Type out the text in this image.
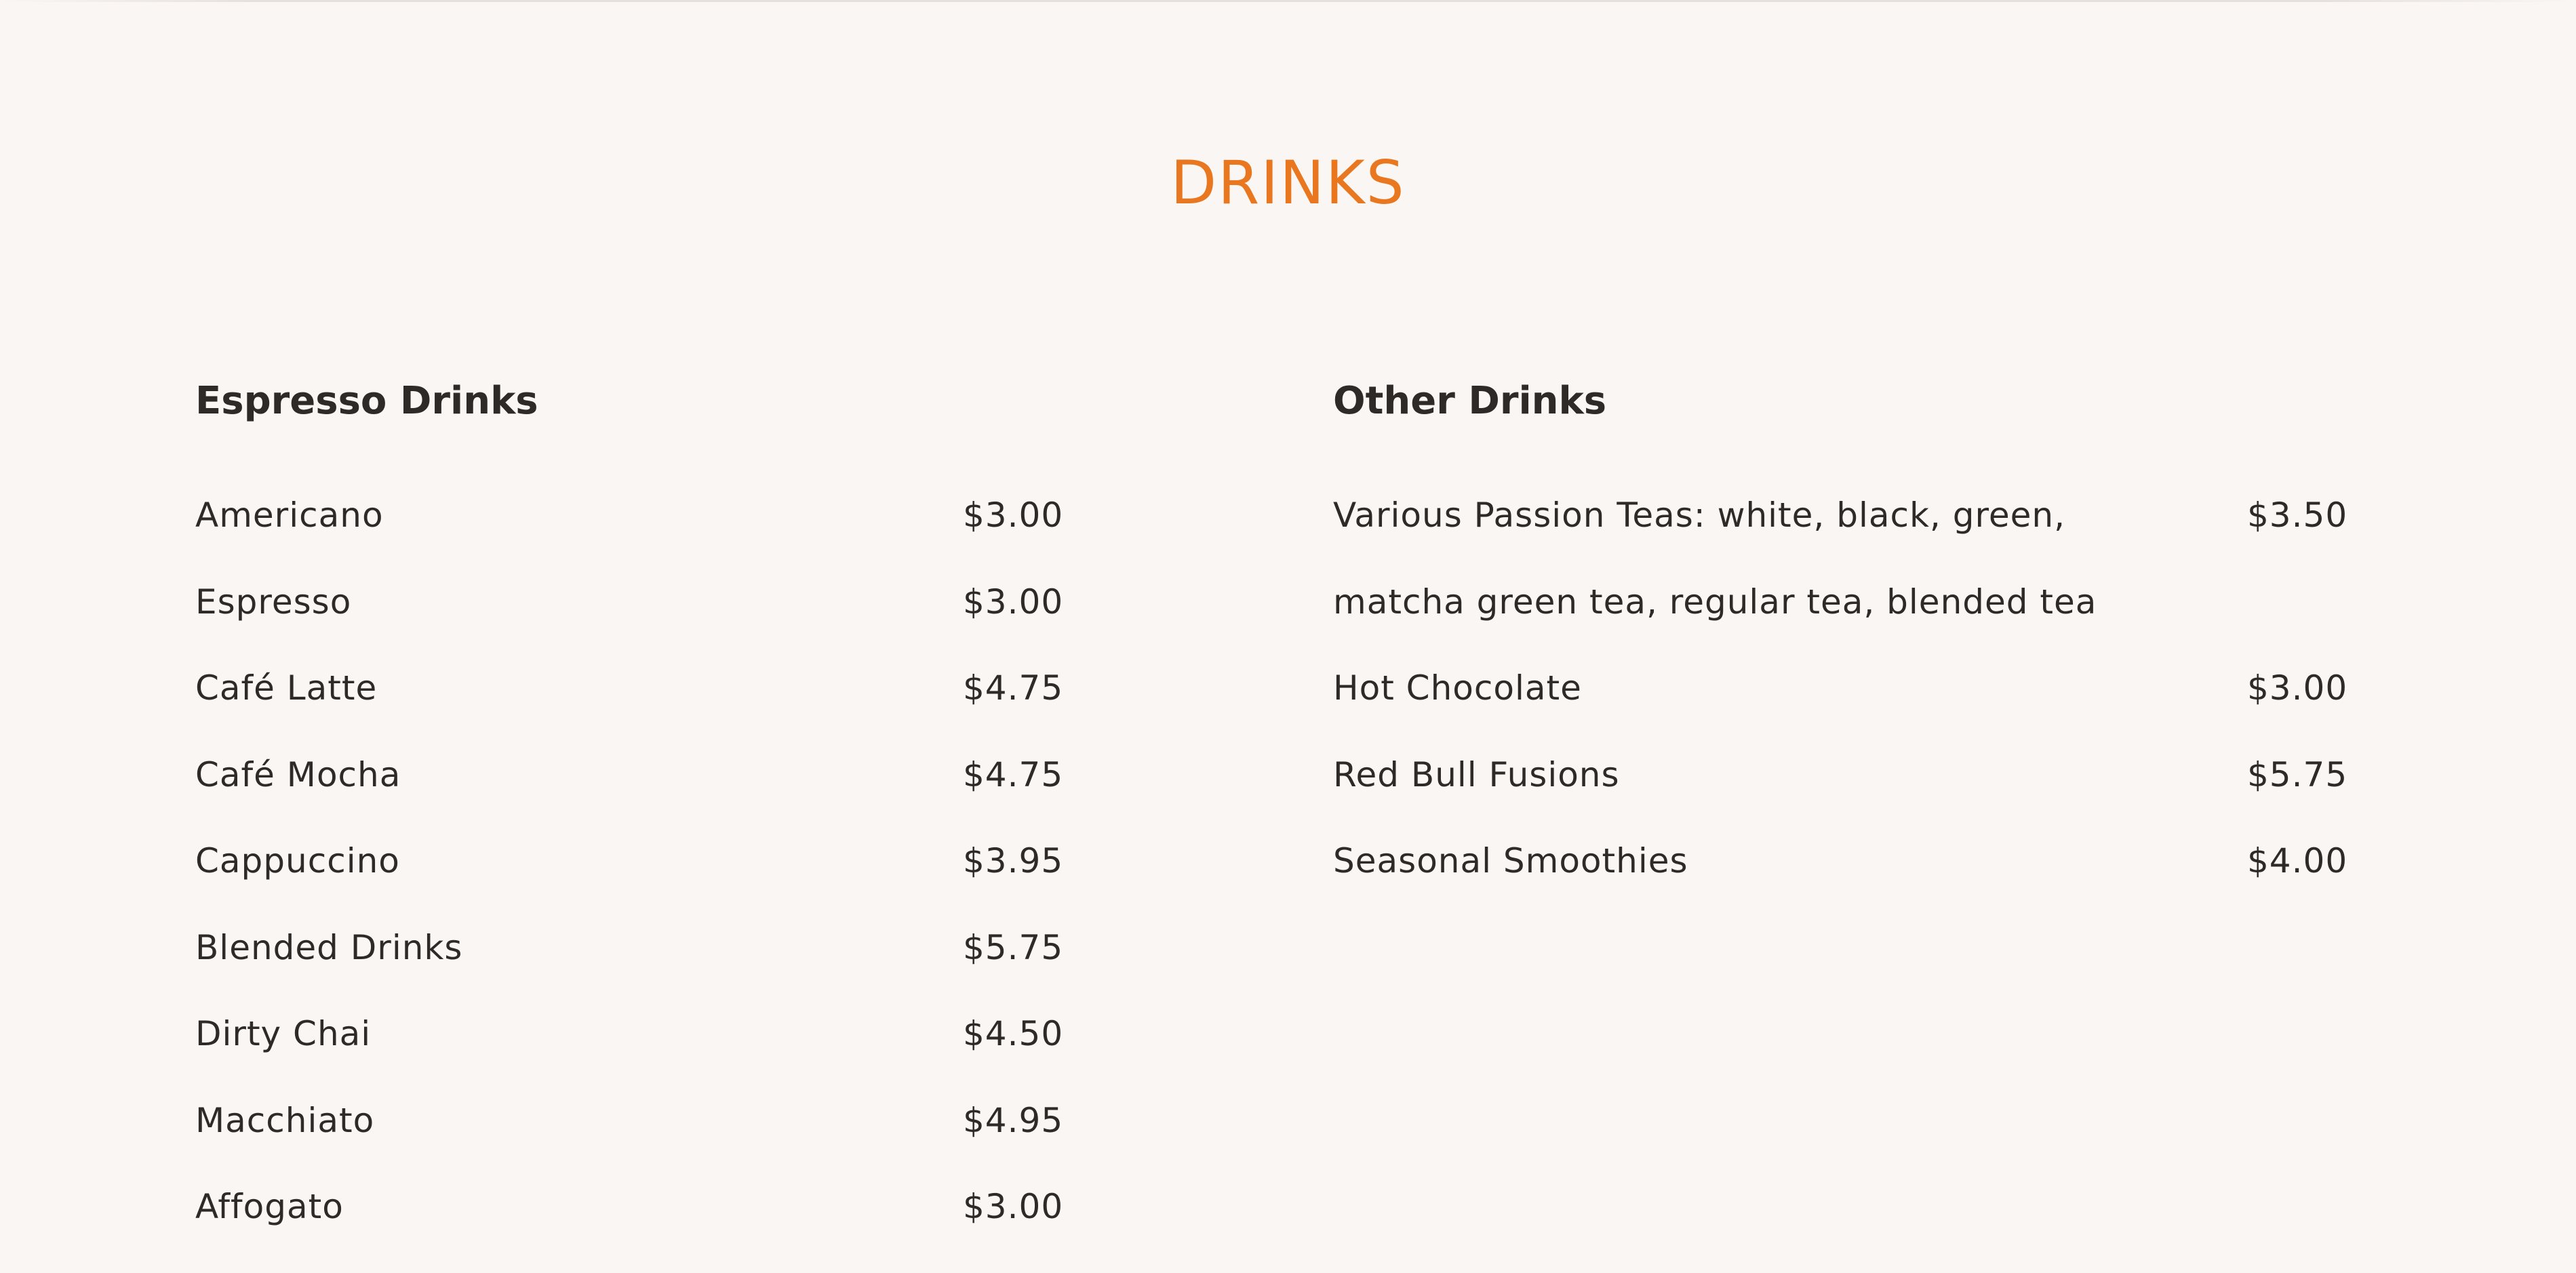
DRINKS
Espresso Drinks
Americano	$3.00
Espresso	$3.00
Café Latte	$4.75
Café Mocha	$4.75
Cappuccino	$3.95
Blended Drinks	$5.75
Dirty Chai	$4.50
Macchiato	$4.95
Affogato	$3.00
Other Drinks
Various Passion Teas: white, black, green,	$3.50
matcha green tea, regular tea, blended tea
Hot Chocolate	$3.00
Red Bull Fusions	$5.75
Seasonal Smoothies	$4.00
